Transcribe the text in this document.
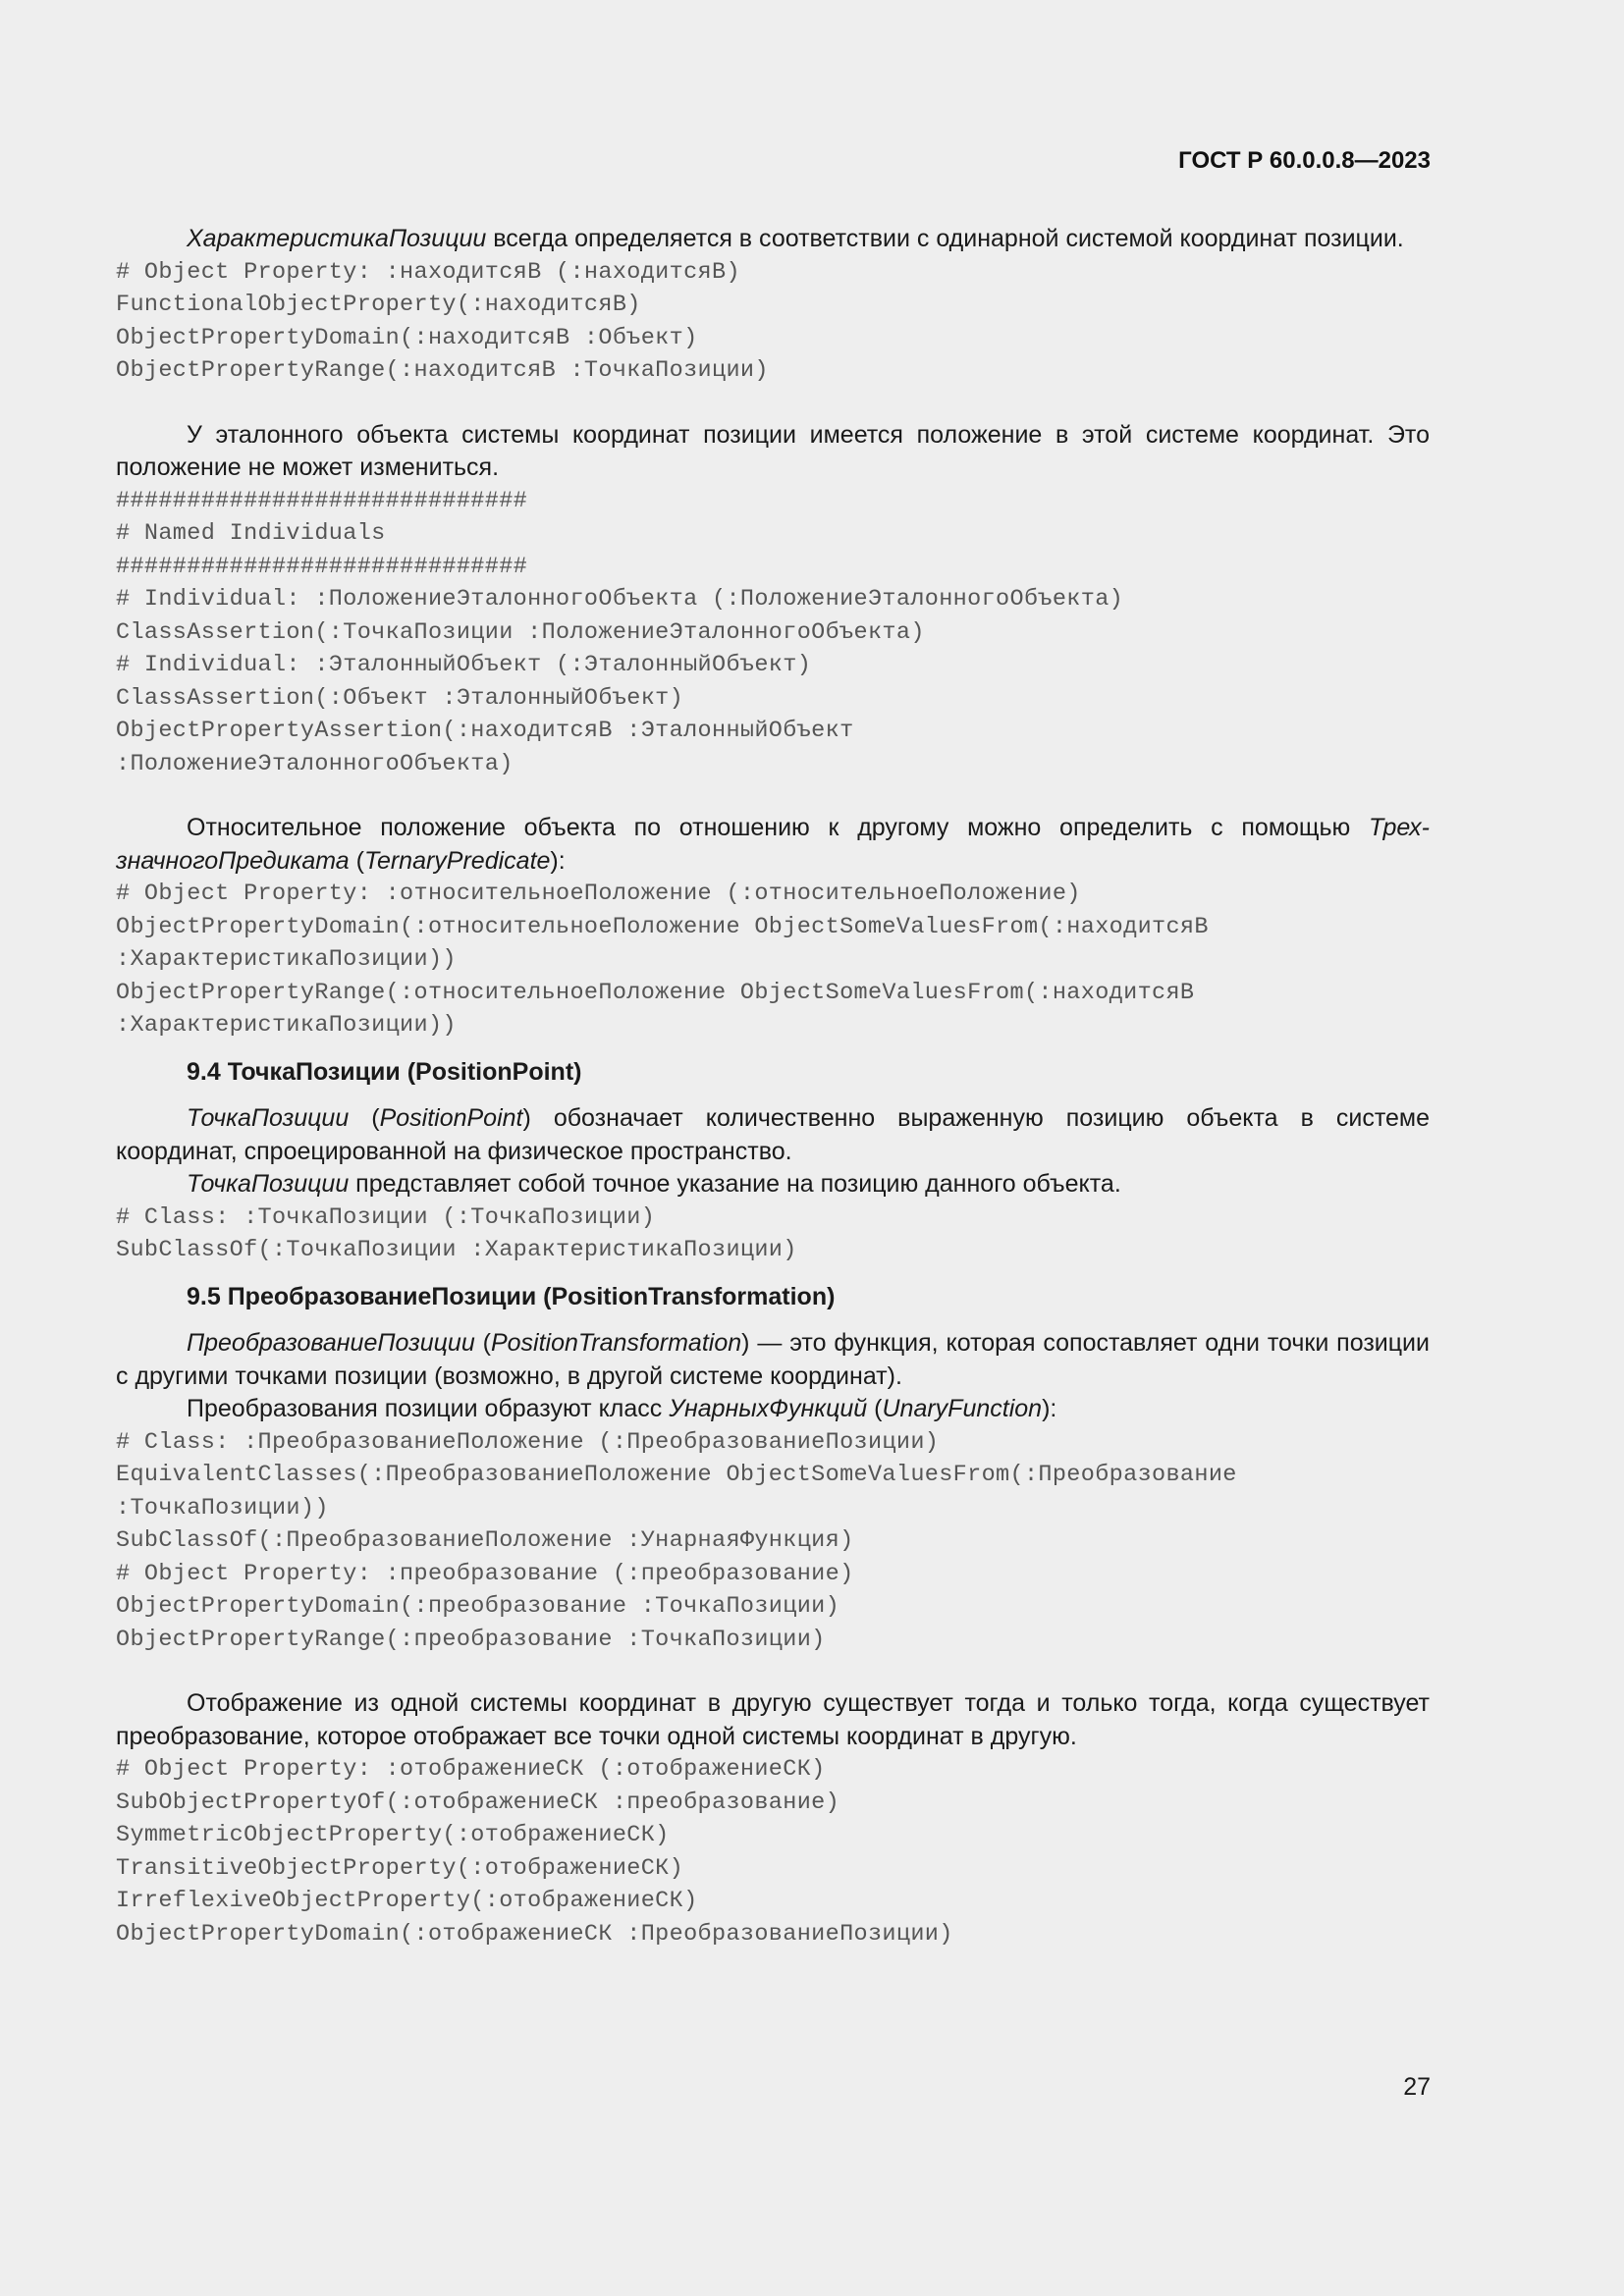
ГОСТ Р 60.0.0.8—2023

ХарактеристикаПозиции всегда определяется в соответствии с одинарной системой координат позиции.

# Object Property: :находитсяВ (:находитсяВ)
FunctionalObjectProperty(:находитсяВ)
ObjectPropertyDomain(:находитсяВ :Объект)
ObjectPropertyRange(:находитсяВ :ТочкаПозиции)

У эталонного объекта системы координат позиции имеется положение в этой системе координат. Это положение не может измениться.

#############################
# Named Individuals
#############################
# Individual: :ПоложениеЭталонногоОбъекта (:ПоложениеЭталонногоОбъекта)
ClassAssertion(:ТочкаПозиции :ПоложениеЭталонногоОбъекта)
# Individual: :ЭталонныйОбъект (:ЭталонныйОбъект)
ClassAssertion(:Объект :ЭталонныйОбъект)
ObjectPropertyAssertion(:находитсяВ :ЭталонныйОбъект
:ПоложениеЭталонногоОбъекта)

Относительное положение объекта по отношению к другому можно определить с помощью ТрехзначногоПредиката (TernaryPredicate):

# Object Property: :относительноеПоложение (:относительноеПоложение)
ObjectPropertyDomain(:относительноеПоложение ObjectSomeValuesFrom(:находитсяВ
:ХарактеристикаПозиции))
ObjectPropertyRange(:относительноеПоложение ObjectSomeValuesFrom(:находитсяВ
:ХарактеристикаПозиции))
9.4 ТочкаПозиции (PositionPoint)

ТочкаПозиции (PositionPoint) обозначает количественно выраженную позицию объекта в системе координат, спроецированной на физическое пространство.

ТочкаПозиции представляет собой точное указание на позицию данного объекта.

# Class: :ТочкаПозиции (:ТочкаПозиции)
SubClassOf(:ТочкаПозиции :ХарактеристикаПозиции)
9.5 ПреобразованиеПозиции (PositionTransformation)

ПреобразованиеПозиции (PositionTransformation) — это функция, которая сопоставляет одни точки позиции с другими точками позиции (возможно, в другой системе координат).

Преобразования позиции образуют класс УнарныхФункций (UnaryFunction):

# Class: :ПреобразованиеПоложение (:ПреобразованиеПозиции)
EquivalentClasses(:ПреобразованиеПоложение ObjectSomeValuesFrom(:Преобразование
:ТочкаПозиции))
SubClassOf(:ПреобразованиеПоложение :УнарнаяФункция)
# Object Property: :преобразование (:преобразование)
ObjectPropertyDomain(:преобразование :ТочкаПозиции)
ObjectPropertyRange(:преобразование :ТочкаПозиции)

Отображение из одной системы координат в другую существует тогда и только тогда, когда существует преобразование, которое отображает все точки одной системы координат в другую.

# Object Property: :отображениеСК (:отображениеСК)
SubObjectPropertyOf(:отображениеСК :преобразование)
SymmetricObjectProperty(:отображениеСК)
TransitiveObjectProperty(:отображениеСК)
IrreflexiveObjectProperty(:отображениеСК)
ObjectPropertyDomain(:отображениеСК :ПреобразованиеПозиции)
27
